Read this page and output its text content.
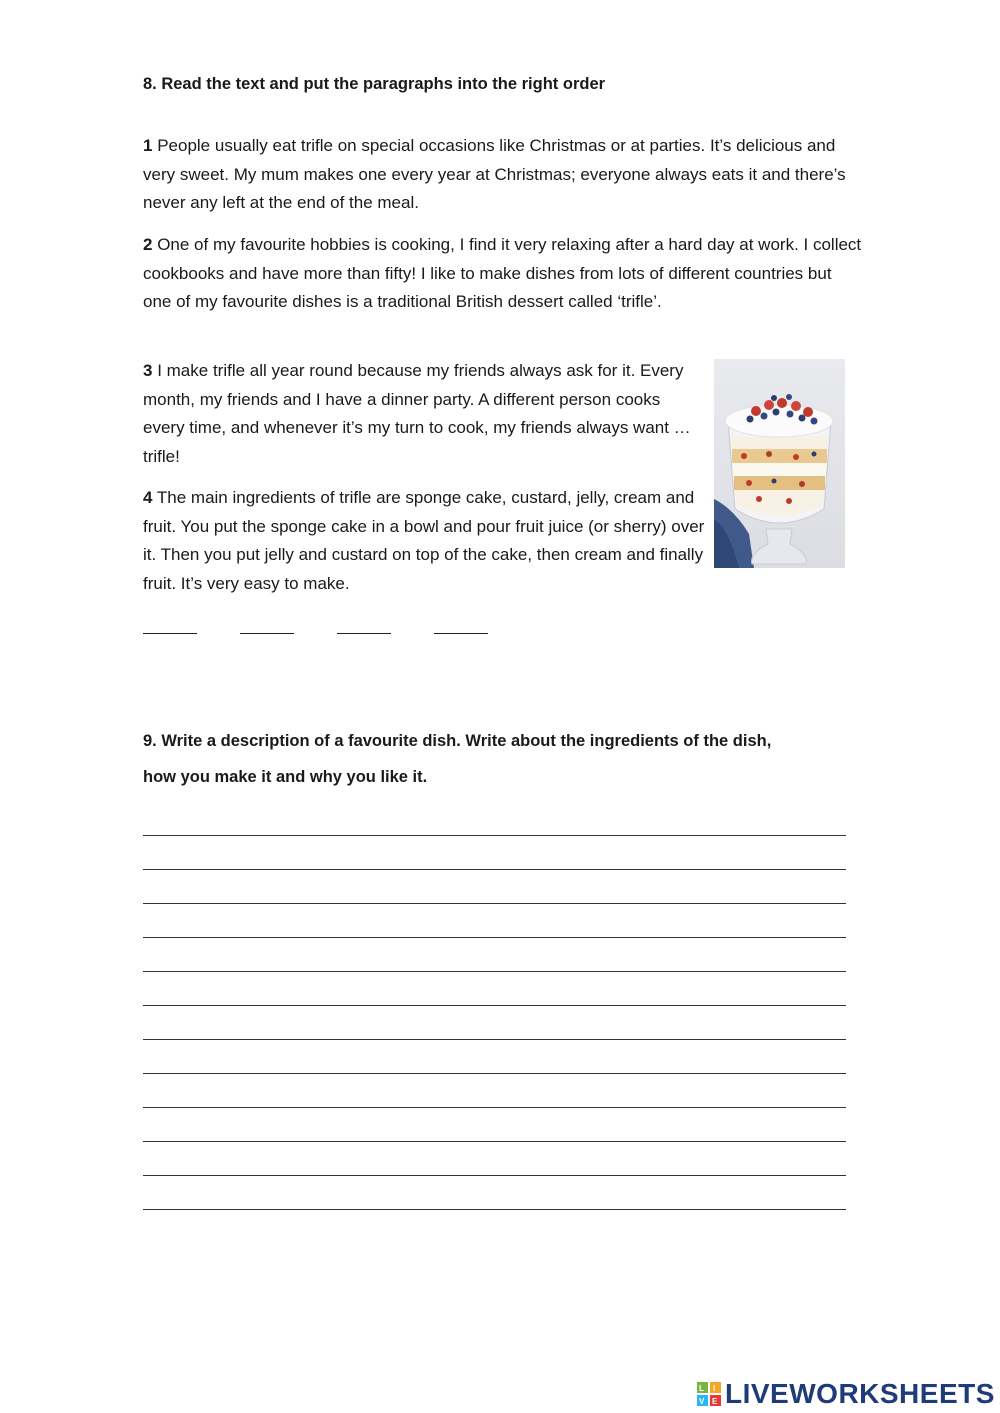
8. Read the text and put the paragraphs into the right order
1 People usually eat trifle on special occasions like Christmas or at parties. It’s delicious and very sweet. My mum makes one every year at Christmas; everyone always eats it and there’s never any left at the end of the meal.
2 One of my favourite hobbies is cooking, I find it very relaxing after a hard day at work. I collect cookbooks and have more than fifty! I like to make dishes from lots of different countries but one of my favourite dishes is a traditional British dessert called ‘trifle’.
3 I make trifle all year round because my friends always ask for it. Every month, my friends and I have a dinner party. A different person cooks every time, and whenever it’s my turn to cook, my friends always want … trifle!
4 The main ingredients of trifle are sponge cake, custard, jelly, cream and fruit. You put the sponge cake in a bowl and pour fruit juice (or sherry) over it. Then you put jelly and custard on top of the cake, then cream and finally fruit. It’s very easy to make.
9. Write a description of a favourite dish. Write about the ingredients of the dish,
how you make it and why you like it.
L I
V E LIVEWORKSHEETS
